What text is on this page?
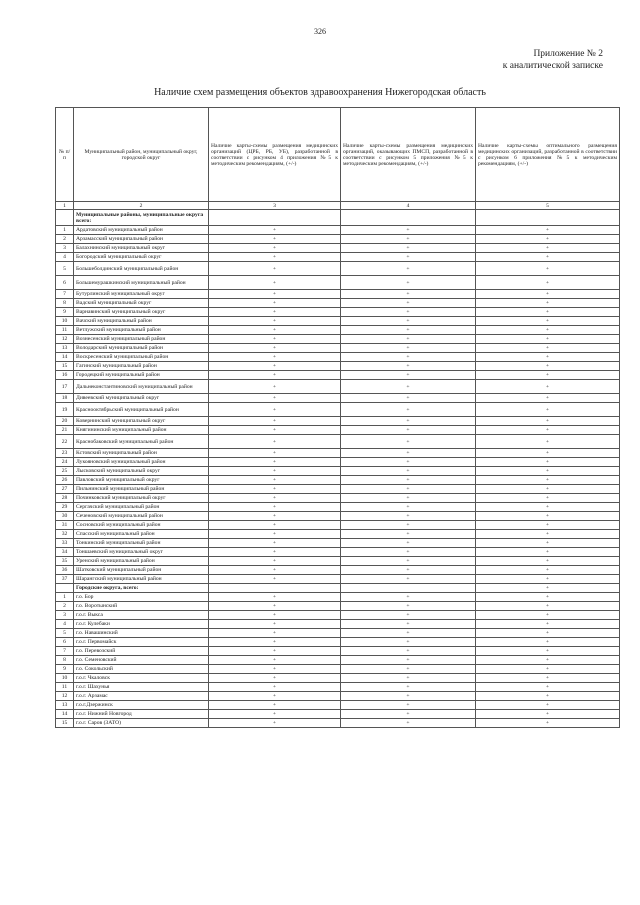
326
Приложение № 2
к аналитической записке
Наличие схем размещения объектов здравоохранения Нижегородская область
№ п/п	Муниципальный район, муниципальный округ, городской округ	Наличие карты-схемы размещения медицинских организаций (ЦРБ, РБ, УБ), разработанной в соответствии с рисунком 4 приложения №5 к методическим рекомендациям, (+/-)	Наличие карты-схемы размещения медицинских организаций, оказывающих ПМСП, разработанной в соответствии с рисунком 5 приложения №5 к методическим рекомендациям, (+/-)	Наличие карты-схемы оптимального размещения медицинских организаций, разработанной в соответствии с рисунком 6 приложения №5 к методическим рекомендациям, (+/-)
1	2	3	4	5
	Муниципальные районы, муниципальные округа всего:			
1	Ардатовский муниципальный район	+	+	+
2	Арзамасский муниципальный район	+	+	+
3	Балахнинский муниципальный округ	+	+	+
4	Богородский муниципальный округ	+	+	+
5	Большеболдинский муниципальный район	+	+	+
6	Большемурашкинский муниципальный район	+	+	+
7	Бутурлинский муниципальный округ	+	+	+
8	Вадский муниципальный округ	+	+	+
9	Варнавинский муниципальный округ	+	+	+
10	Вачский муниципальный район	+	+	+
11	Ветлужский муниципальный район	+	+	+
12	Вознесенский муниципальный район	+	+	+
13	Володарский муниципальный район	+	+	+
14	Воскресенский муниципальный район	+	+	+
15	Гагинский муниципальный район	+	+	+
16	Городецкий муниципальный район	+	+	+
17	Дальнеконстантиновский муниципальный район	+	+	+
18	Дивеевский муниципальный округ	+	+	+
19	Краснооктябрьский муниципальный район	+	+	+
20	Ковернинский муниципальный округ	+	+	+
21	Княгининский муниципальный район	+	+	+
22	Краснобаковский муниципальный район	+	+	+
23	Кстовский муниципальный район	+	+	+
24	Лукояновский муниципальный район	+	+	+
25	Лысковский муниципальный округ	+	+	+
26	Павловский муниципальный округ	+	+	+
27	Пильнинский муниципальный район	+	+	+
28	Починковский муниципальный округ	+	+	+
29	Сергачский муниципальный район	+	+	+
30	Сеченовский муниципальный район	+	+	+
31	Сосновский муниципальный район	+	+	+
32	Спасский муниципальный район	+	+	+
33	Тонкинский муниципальный район	+	+	+
34	Тоншаевский муниципальный округ	+	+	+
35	Уренский муниципальный район	+	+	+
36	Шатковский муниципальный район	+	+	+
37	Шарангский муниципальный район	+	+	+
	Городские округа, всего:			+
1	г.о. Бор	+	+	+
2	г.о. Воротынский	+	+	+
3	г.о.г. Выкса	+	+	+
4	г.о.г. Кулебаки	+	+	+
5	г.о. Навашинский	+	+	+
6	г.о.г. Первомайск	+	+	+
7	г.о. Перевозский	+	+	+
8	г.о. Семеновский	+	+	+
9	г.о. Сокольский	+	+	+
10	г.о.г. Чкаловск	+	+	+
11	г.о.г. Шахунья	+	+	+
12	г.о.г. Арзамас	+	+	+
13	г.о.г.Дзержинск	+	+	+
14	г.о.г. Нижний Новгород	+	+	+
15	г.о.г. Саров (ЗАТО)	+	+	+
